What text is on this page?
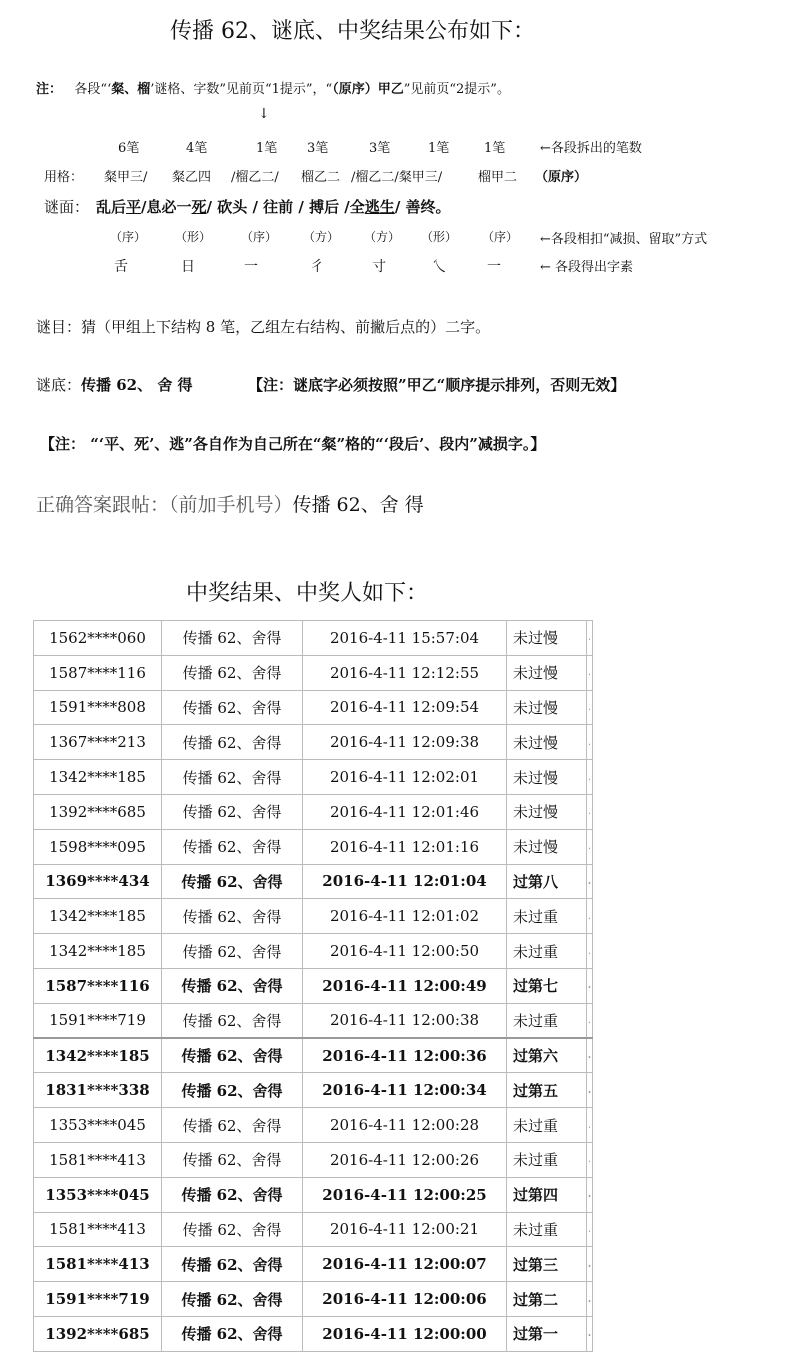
传播 62、谜底、中奖结果公布如下：
注： 各段“‘粲、榴’谜格、字数”见前页“1提示”，“（原序）甲乙”见前页“2提示”。
↓
6笔	4笔	1笔 3笔	3笔	1笔	1笔	←各段拆出的笔数
用格： 粲甲三/ 粲乙四 /榴乙二/ 榴乙二 /榴乙二/粲甲三/	榴甲二 （原序）
谜面： 乱后平/息必一死/ 砍头 / 往前 / 搏后 /全逃生/ 善终。
（序） （形） （序） （方） （方） （形） （序） ←各段相扣“减损、留取”方式
舌	日	一	彳	寸	乀	一	← 各段得出字素
谜目：猜（甲组上下结构 8 笔，乙组左右结构、前撇后点的）二字。
谜底：传播 62、 舍 得	【注：谜底字必须按照”甲乙“顺序提示排列，否则无效】
【注： “‘平、死’、逃”各自作为自己所在“粲”格的“‘段后’、段内”减损字。】
正确答案跟帖：（前加手机号）传播 62、舍 得
中奖结果、中奖人如下：
1562****060	传播 62、舍得	2016-4-11 15:57:04	未过慢	.
1587****116	传播 62、舍得	2016-4-11 12:12:55	未过慢	.
1591****808	传播 62、舍得	2016-4-11 12:09:54	未过慢	.
1367****213	传播 62、舍得	2016-4-11 12:09:38	未过慢	.
1342****185	传播 62、舍得	2016-4-11 12:02:01	未过慢	.
1392****685	传播 62、舍得	2016-4-11 12:01:46	未过慢	.
1598****095	传播 62、舍得	2016-4-11 12:01:16	未过慢	.
1369****434	传播 62、舍得	2016-4-11 12:01:04	过第八	.
1342****185	传播 62、舍得	2016-4-11 12:01:02	未过重	.
1342****185	传播 62、舍得	2016-4-11 12:00:50	未过重	.
1587****116	传播 62、舍得	2016-4-11 12:00:49	过第七	.
1591****719	传播 62、舍得	2016-4-11 12:00:38	未过重	.
1342****185	传播 62、舍得	2016-4-11 12:00:36	过第六	.
1831****338	传播 62、舍得	2016-4-11 12:00:34	过第五	.
1353****045	传播 62、舍得	2016-4-11 12:00:28	未过重	.
1581****413	传播 62、舍得	2016-4-11 12:00:26	未过重	.
1353****045	传播 62、舍得	2016-4-11 12:00:25	过第四	.
1581****413	传播 62、舍得	2016-4-11 12:00:21	未过重	.
1581****413	传播 62、舍得	2016-4-11 12:00:07	过第三	.
1591****719	传播 62、舍得	2016-4-11 12:00:06	过第二	.
1392****685	传播 62、舍得	2016-4-11 12:00:00	过第一	.
